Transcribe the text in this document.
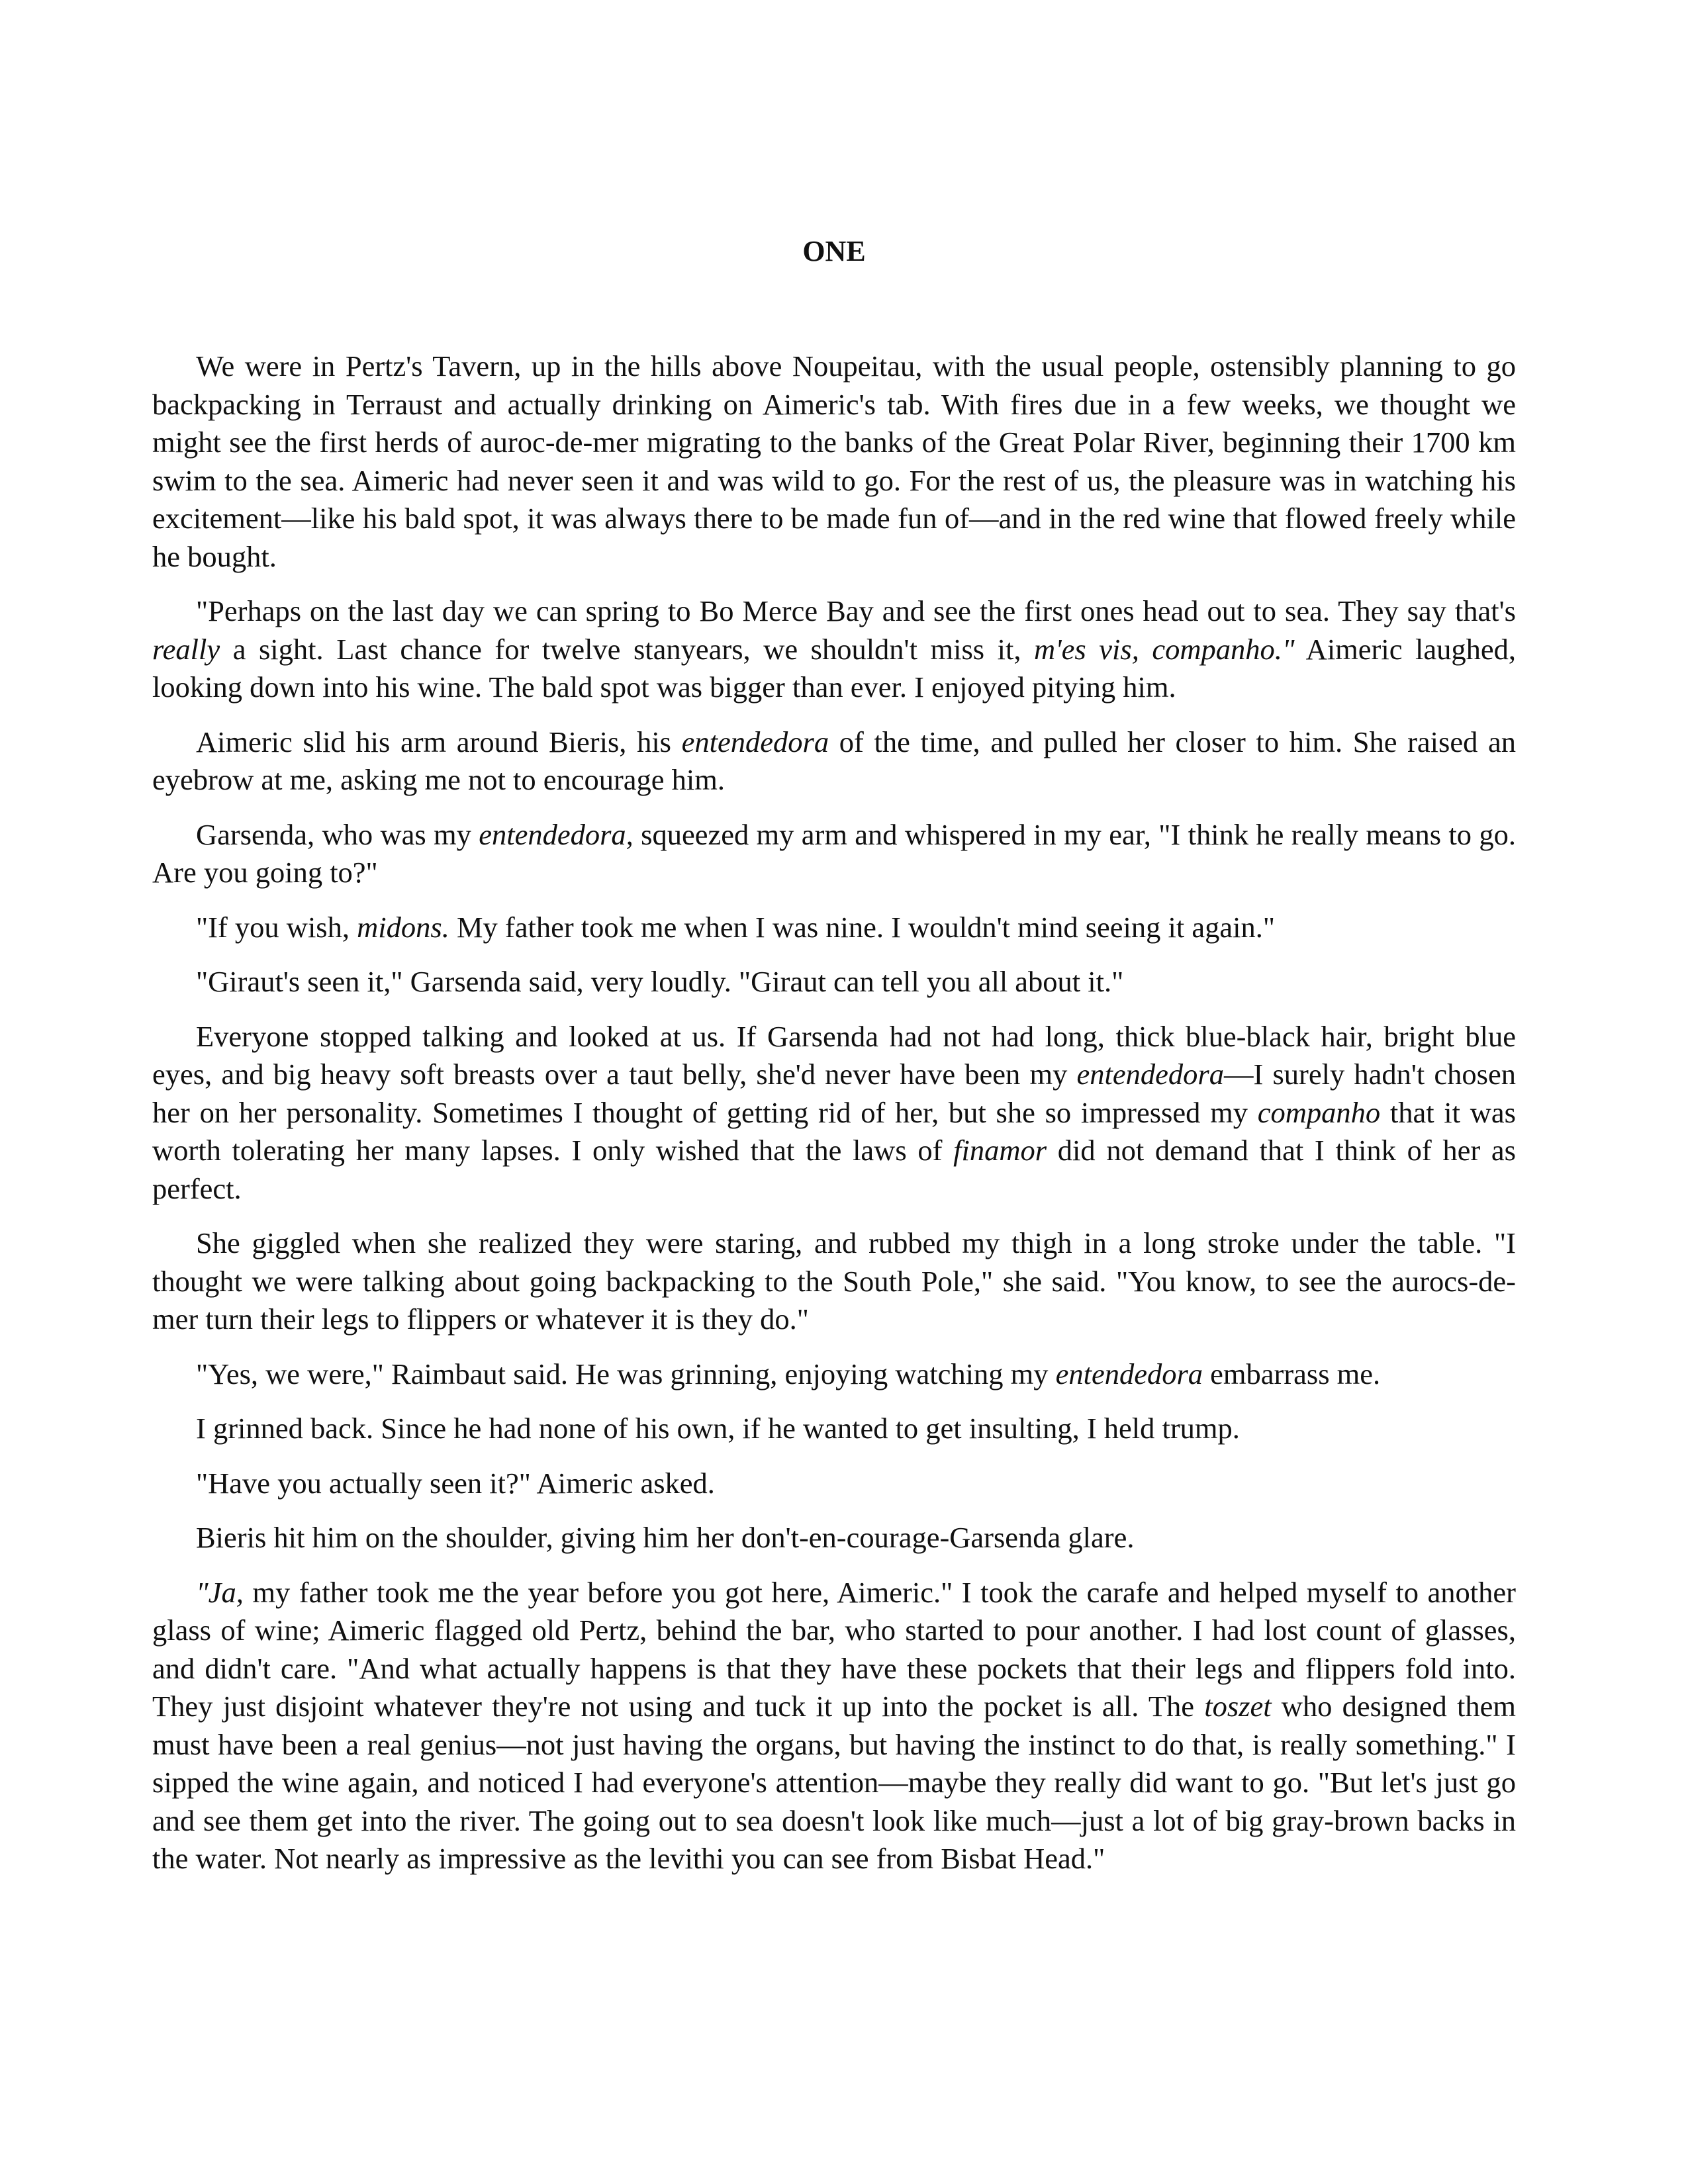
ONE

We were in Pertz's Tavern, up in the hills above Noupeitau, with the usual people, ostensibly planning to go backpacking in Terraust and actually drinking on Aimeric's tab. With fires due in a few weeks, we thought we might see the first herds of auroc-de-mer migrating to the banks of the Great Polar River, beginning their 1700 km swim to the sea. Aimeric had never seen it and was wild to go. For the rest of us, the pleasure was in watching his excitement—like his bald spot, it was always there to be made fun of—and in the red wine that flowed freely while he bought.

"Perhaps on the last day we can spring to Bo Merce Bay and see the first ones head out to sea. They say that's really a sight. Last chance for twelve stanyears, we shouldn't miss it, m'es vis, companho." Aimeric laughed, looking down into his wine. The bald spot was bigger than ever. I enjoyed pitying him.

Aimeric slid his arm around Bieris, his entendedora of the time, and pulled her closer to him. She raised an eyebrow at me, asking me not to encourage him.

Garsenda, who was my entendedora, squeezed my arm and whispered in my ear, "I think he really means to go. Are you going to?"

"If you wish, midons. My father took me when I was nine. I wouldn't mind seeing it again."

"Giraut's seen it," Garsenda said, very loudly. "Giraut can tell you all about it."

Everyone stopped talking and looked at us. If Garsenda had not had long, thick blue-black hair, bright blue eyes, and big heavy soft breasts over a taut belly, she'd never have been my entendedora—I surely hadn't chosen her on her personality. Sometimes I thought of getting rid of her, but she so impressed my companho that it was worth tolerating her many lapses. I only wished that the laws of finamor did not demand that I think of her as perfect.

She giggled when she realized they were staring, and rubbed my thigh in a long stroke under the table. "I thought we were talking about going backpacking to the South Pole," she said. "You know, to see the aurocs-de-mer turn their legs to flippers or whatever it is they do."

"Yes, we were," Raimbaut said. He was grinning, enjoying watching my entendedora embarrass me.

I grinned back. Since he had none of his own, if he wanted to get insulting, I held trump.

"Have you actually seen it?" Aimeric asked.

Bieris hit him on the shoulder, giving him her don't-en-courage-Garsenda glare.

"Ja, my father took me the year before you got here, Aimeric." I took the carafe and helped myself to another glass of wine; Aimeric flagged old Pertz, behind the bar, who started to pour another. I had lost count of glasses, and didn't care. "And what actually happens is that they have these pockets that their legs and flippers fold into. They just disjoint whatever they're not using and tuck it up into the pocket is all. The toszet who designed them must have been a real genius—not just having the organs, but having the instinct to do that, is really something." I sipped the wine again, and noticed I had everyone's attention—maybe they really did want to go. "But let's just go and see them get into the river. The going out to sea doesn't look like much—just a lot of big gray-brown backs in the water. Not nearly as impressive as the levithi you can see from Bisbat Head."
